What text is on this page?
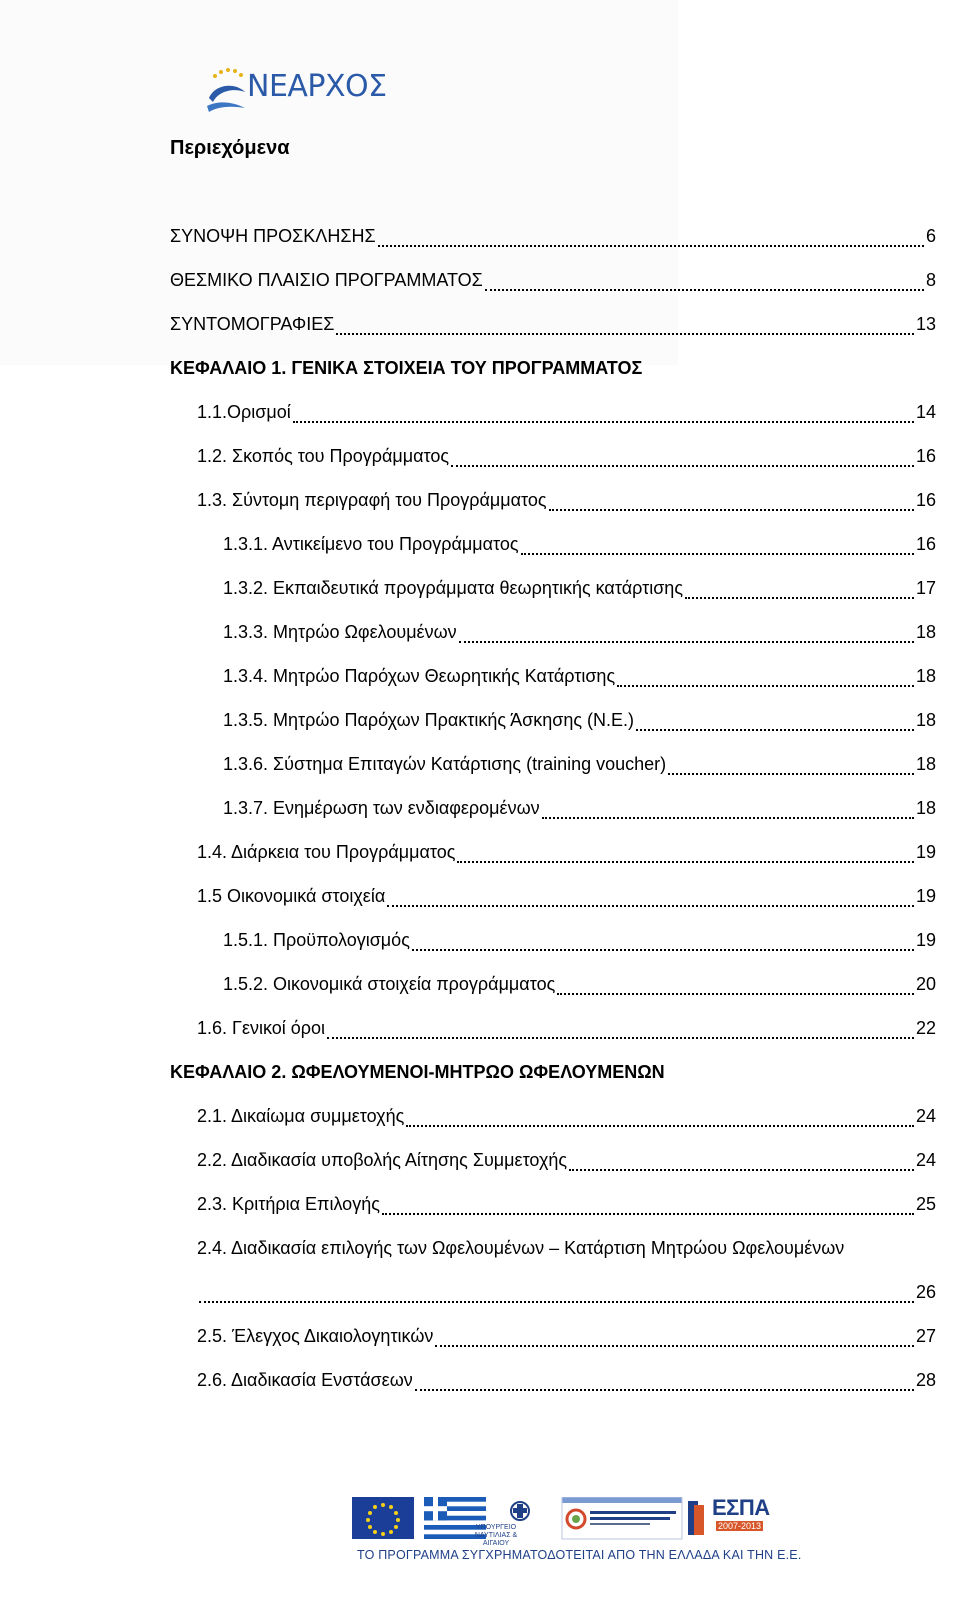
ΝΕΑΡΧΟΣ
Περιεχόμενα
ΣΥΝΟΨΗ ΠΡΟΣΚΛΗΣΗΣ	6
ΘΕΣΜΙΚΟ ΠΛΑΙΣΙΟ ΠΡΟΓΡΑΜΜΑΤΟΣ	8
ΣΥΝΤΟΜΟΓΡΑΦΙΕΣ	13
ΚΕΦΑΛΑΙΟ 1. ΓΕΝΙΚΑ ΣΤΟΙΧΕΙΑ ΤΟΥ ΠΡΟΓΡΑΜΜΑΤΟΣ
1.1.Ορισμοί	14
1.2. Σκοπός του Προγράμματος	16
1.3. Σύντομη περιγραφή του Προγράμματος	16
1.3.1. Αντικείμενο του Προγράμματος	16
1.3.2. Εκπαιδευτικά προγράμματα θεωρητικής κατάρτισης	17
1.3.3. Μητρώο Ωφελουμένων	18
1.3.4. Μητρώο Παρόχων Θεωρητικής Κατάρτισης	18
1.3.5. Μητρώο Παρόχων Πρακτικής Άσκησης (Ν.Ε.)	18
1.3.6. Σύστημα Επιταγών Κατάρτισης (training voucher)	18
1.3.7. Ενημέρωση των ενδιαφερομένων	18
1.4. Διάρκεια του Προγράμματος	19
1.5 Οικονομικά στοιχεία	19
1.5.1. Προϋπολογισμός	19
1.5.2. Οικονομικά στοιχεία προγράμματος	20
1.6. Γενικοί όροι	22
ΚΕΦΑΛΑΙΟ 2. ΩΦΕΛΟΥΜΕΝΟΙ-ΜΗΤΡΩΟ ΩΦΕΛΟΥΜΕΝΩΝ
2.1. Δικαίωμα συμμετοχής	24
2.2. Διαδικασία υποβολής Αίτησης Συμμετοχής	24
2.3. Κριτήρια Επιλογής	25
2.4. Διαδικασία επιλογής των Ωφελουμένων – Κατάρτιση Μητρώου Ωφελουμένων
26
2.5. Έλεγχος Δικαιολογητικών	27
2.6. Διαδικασία Ενστάσεων	28
ΥΠΟΥΡΓΕΙΟ ΝΑΥΤΙΛΙΑΣ & ΑΙΓΑΙΟΥ
ΕΣΠΑ
2007-2013
ΤΟ ΠΡΟΓΡΑΜΜΑ ΣΥΓΧΡΗΜΑΤΟΔΟΤΕΙΤΑΙ ΑΠΟ ΤΗΝ ΕΛΛΑΔΑ ΚΑΙ ΤΗΝ Ε.Ε.
